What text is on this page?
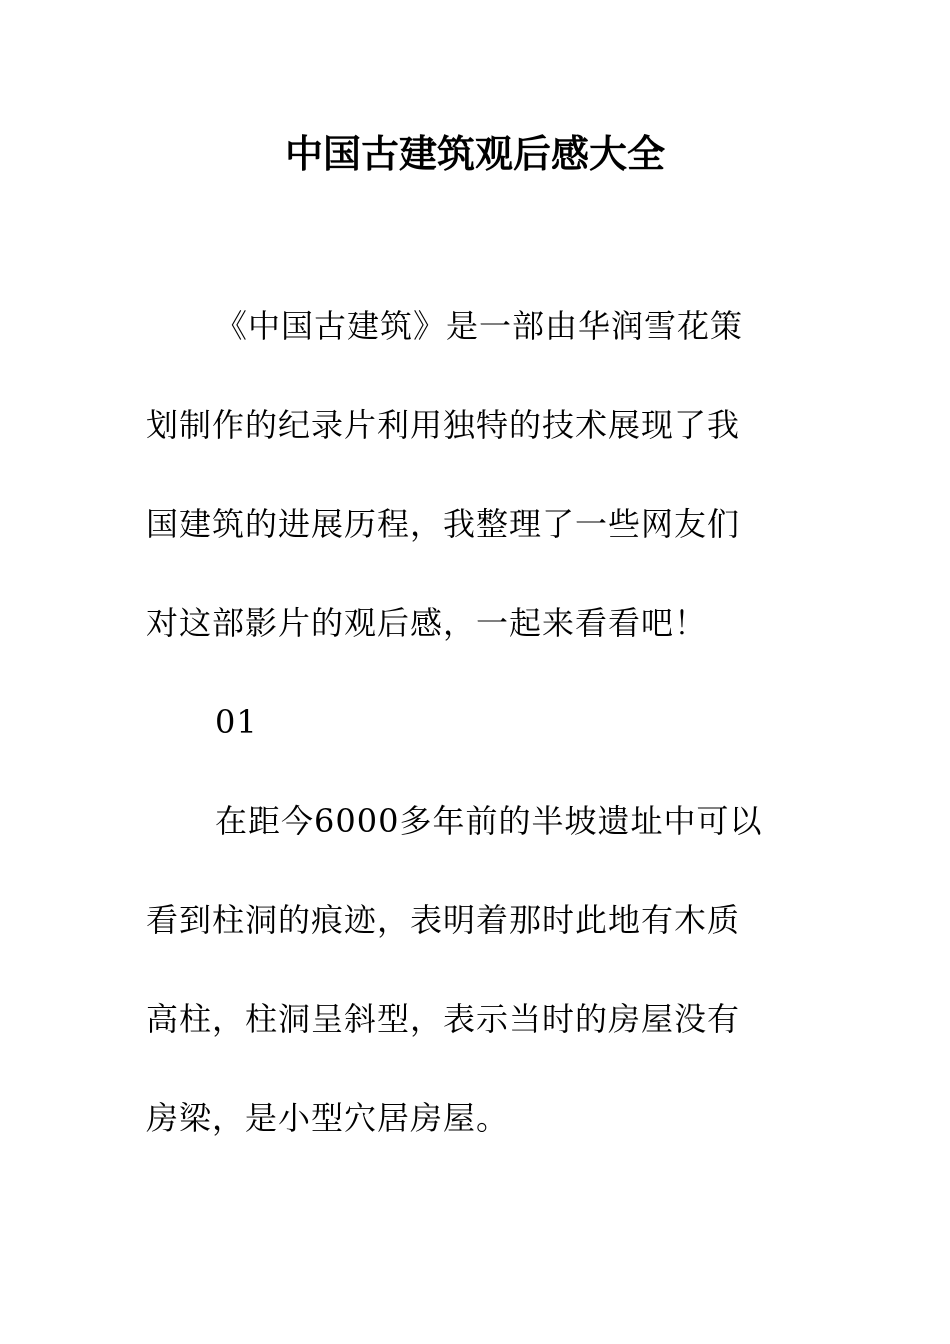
中国古建筑观后感大全
《中国古建筑》是一部由华润雪花策
划制作的纪录片利用独特的技术展现了我
国建筑的进展历程，我整理了一些网友们
对这部影片的观后感，一起来看看吧！
01
在距今6000多年前的半坡遗址中可以
看到柱洞的痕迹，表明着那时此地有木质
高柱，柱洞呈斜型，表示当时的房屋没有
房梁，是小型穴居房屋。
